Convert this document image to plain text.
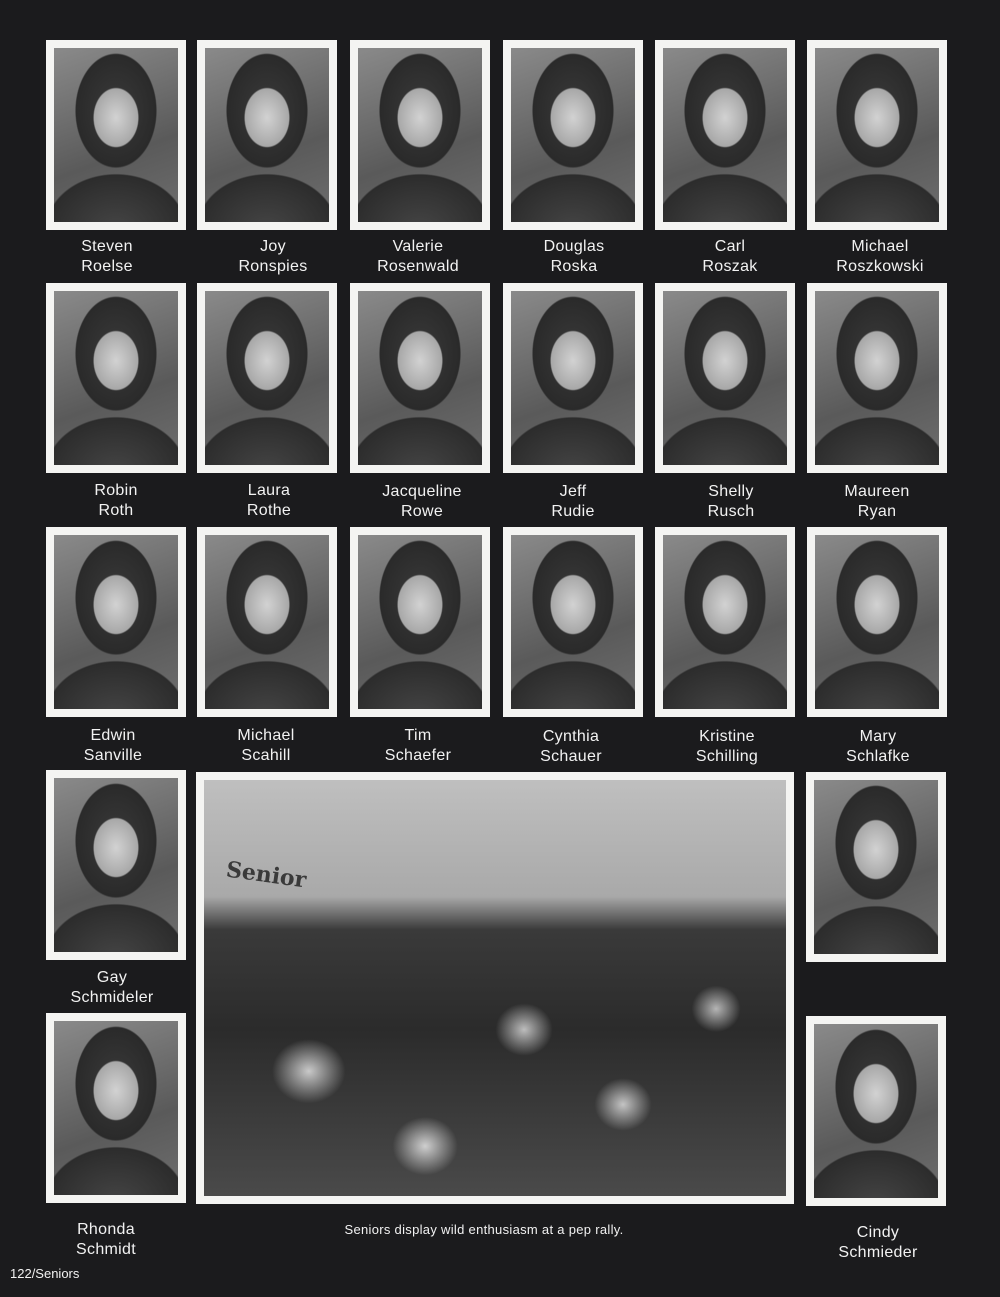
Steven
Roelse
Joy
Ronspies
Valerie
Rosenwald
Douglas
Roska
Carl
Roszak
Michael
Roszkowski
Robin
Roth
Laura
Rothe
Jacqueline
Rowe
Jeff
Rudie
Shelly
Rusch
Maureen
Ryan
Edwin
Sanville
Michael
Scahill
Tim
Schaefer
Cynthia
Schauer
Kristine
Schilling
Mary
Schlafke
Gay
Schmideler
Rhonda
Schmidt
Cindy
Schmieder
Senior
Seniors display wild enthusiasm at a pep rally.
122/Seniors
